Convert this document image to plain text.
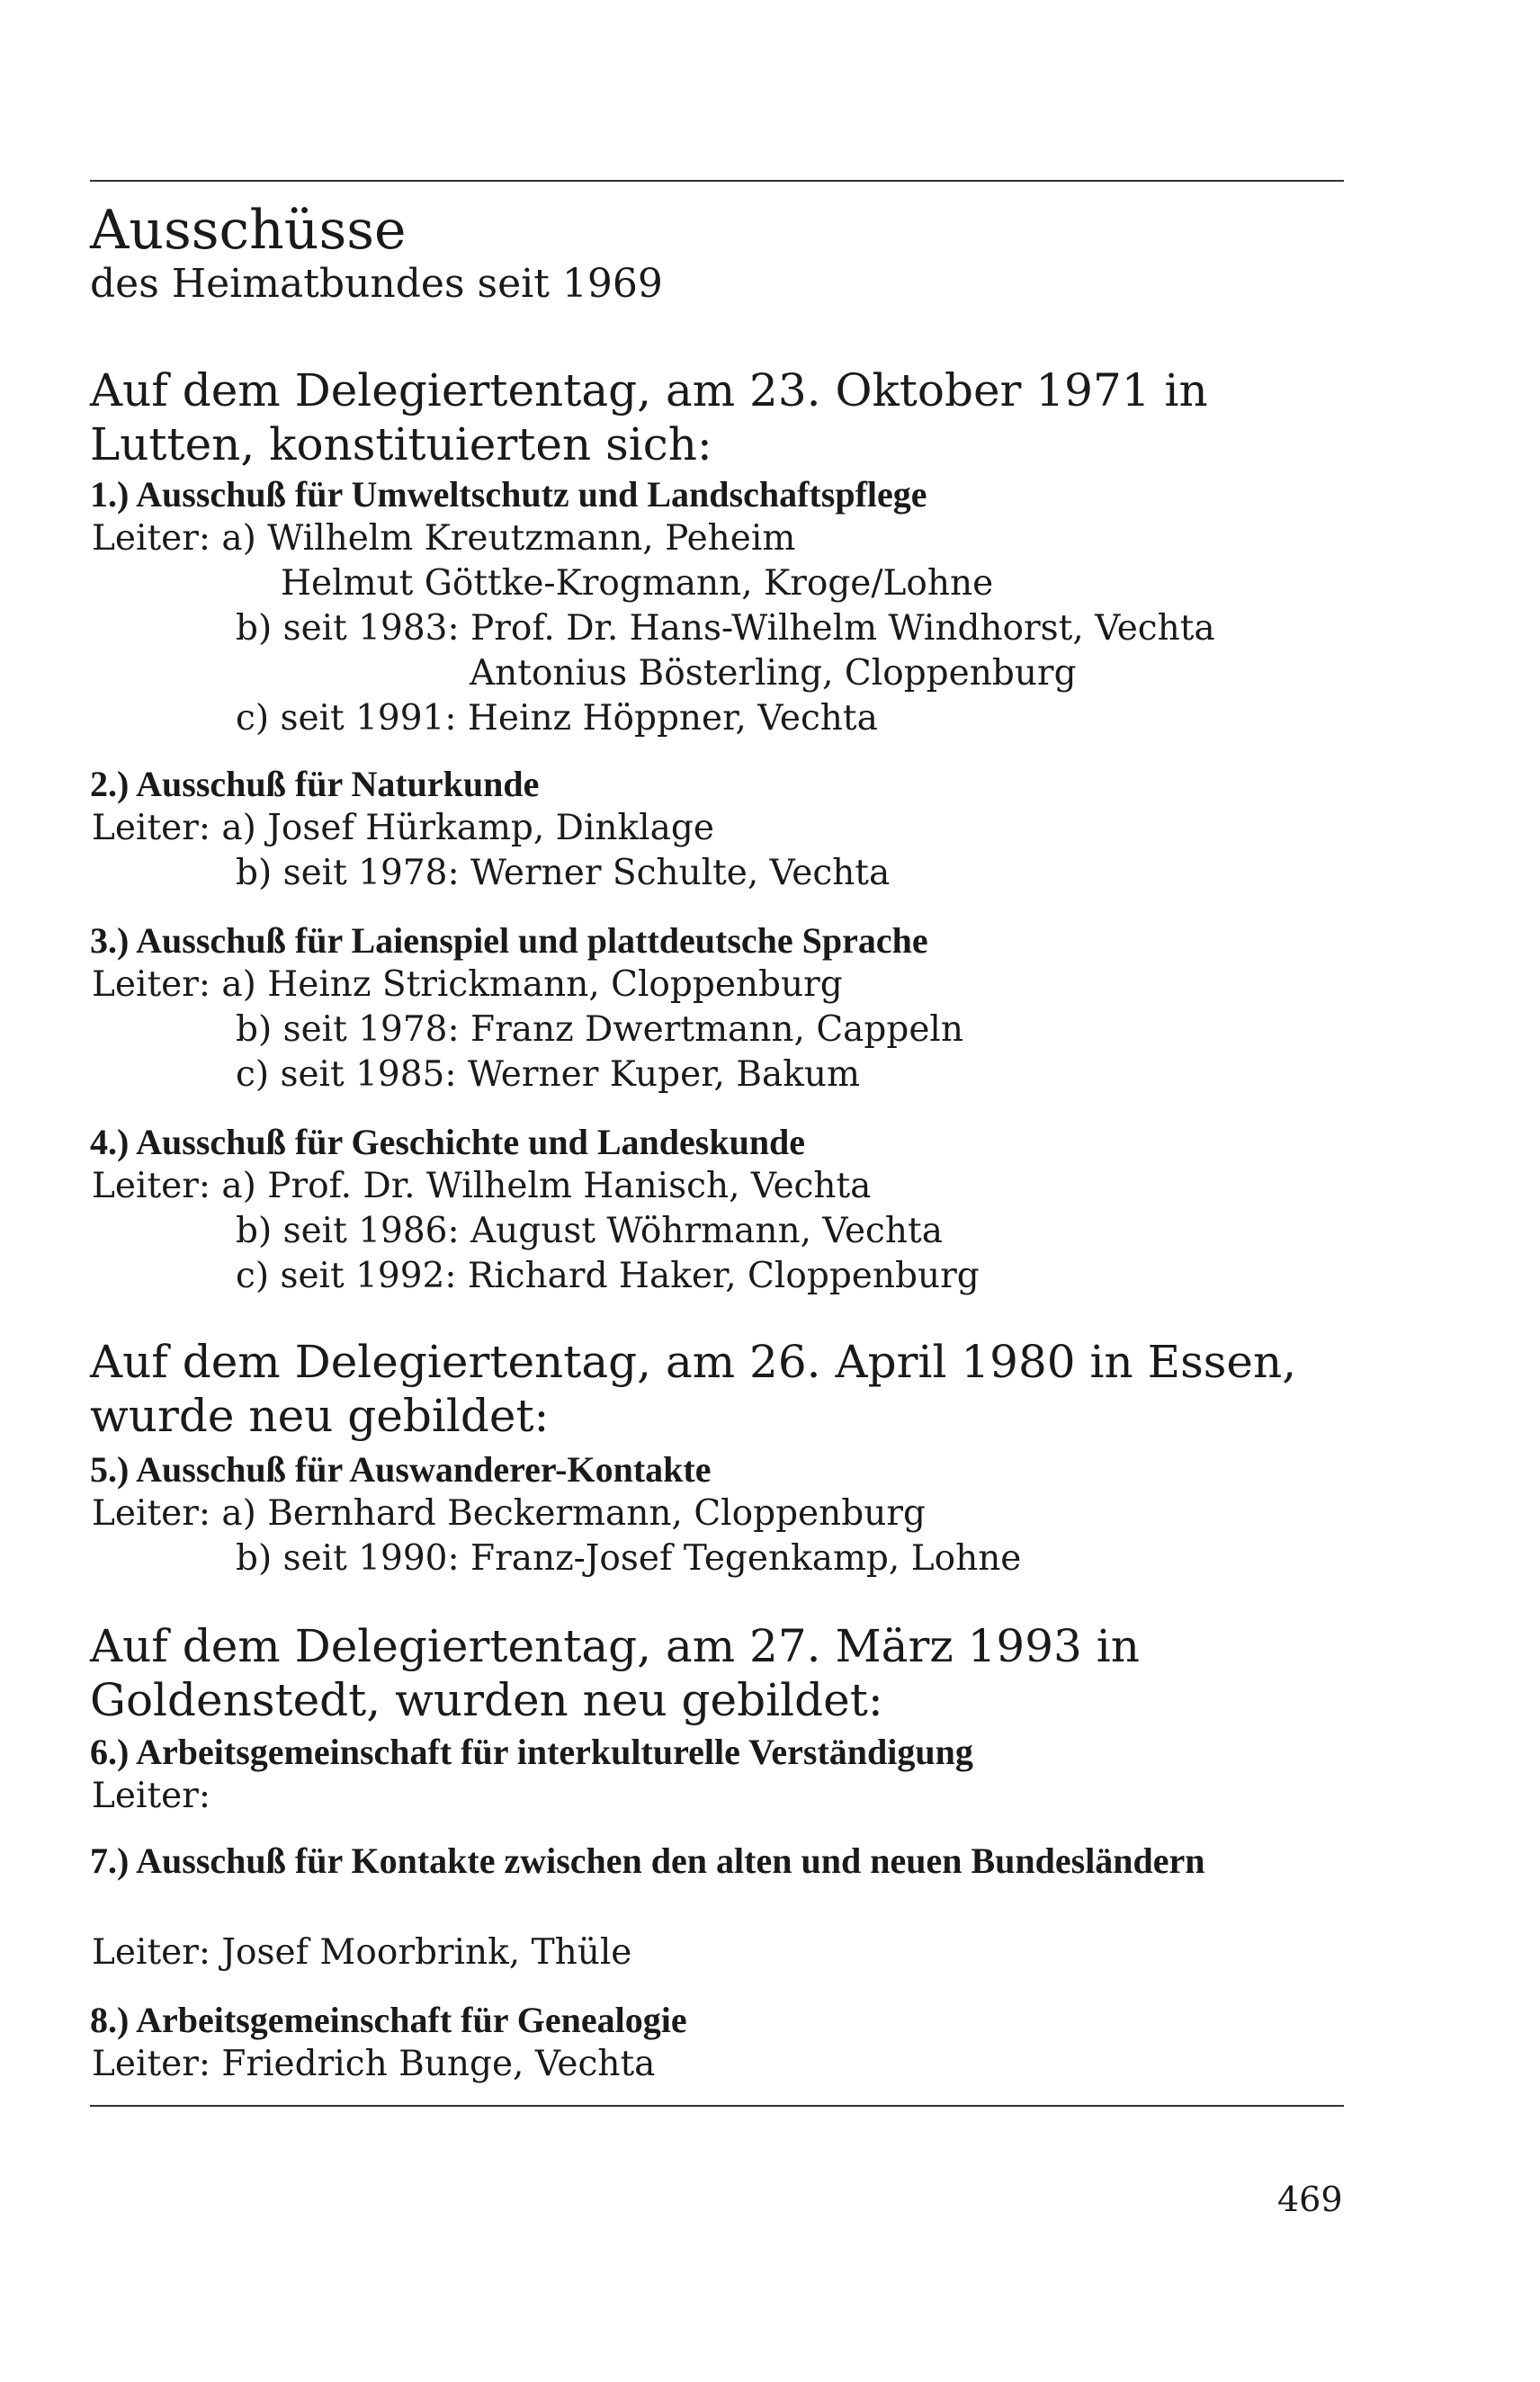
Ausschüsse
des Heimatbundes seit 1969
Auf dem Delegiertentag, am 23. Oktober 1971 in Lutten, konstituierten sich:
1.) Ausschuß für Umweltschutz und Landschaftspflege
Leiter: a) Wilhelm Kreutzmann, Peheim
Helmut Göttke-Krogmann, Kroge/Lohne
b) seit 1983: Prof. Dr. Hans-Wilhelm Windhorst, Vechta
Antonius Bösterling, Cloppenburg
c) seit 1991: Heinz Höppner, Vechta
2.) Ausschuß für Naturkunde
Leiter: a) Josef Hürkamp, Dinklage
b) seit 1978: Werner Schulte, Vechta
3.) Ausschuß für Laienspiel und plattdeutsche Sprache
Leiter: a) Heinz Strickmann, Cloppenburg
b) seit 1978: Franz Dwertmann, Cappeln
c) seit 1985: Werner Kuper, Bakum
4.) Ausschuß für Geschichte und Landeskunde
Leiter: a) Prof. Dr. Wilhelm Hanisch, Vechta
b) seit 1986: August Wöhrmann, Vechta
c) seit 1992: Richard Haker, Cloppenburg
Auf dem Delegiertentag, am 26. April 1980 in Essen, wurde neu gebildet:
5.) Ausschuß für Auswanderer-Kontakte
Leiter: a) Bernhard Beckermann, Cloppenburg
b) seit 1990: Franz-Josef Tegenkamp, Lohne
Auf dem Delegiertentag, am 27. März 1993 in Goldenstedt, wurden neu gebildet:
6.) Arbeitsgemeinschaft für interkulturelle Verständigung
Leiter:
7.) Ausschuß für Kontakte zwischen den alten und neuen Bundesländern
Leiter: Josef Moorbrink, Thüle
8.) Arbeitsgemeinschaft für Genealogie
Leiter: Friedrich Bunge, Vechta
469
